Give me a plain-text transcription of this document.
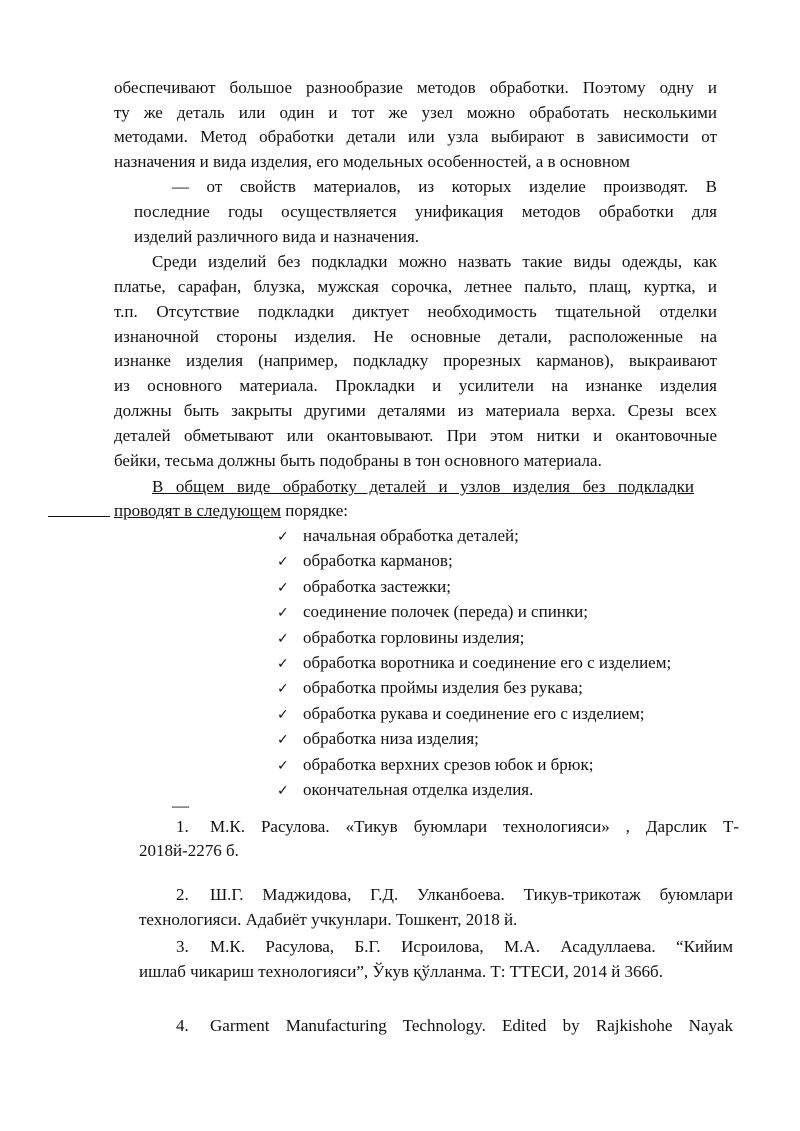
обеспечивают большое разнообразие методов обработки. Поэтому одну и
ту же деталь или один и тот же узел можно обработать несколькими
методами. Метод обработки детали или узла выбирают в зависимости от
назначения и вида изделия, его модельных особенностей, а в основном
— от свойств материалов, из которых изделие производят. В
последние годы осуществляется унификация методов обработки для
изделий различного вида и назначения.
Среди изделий без подкладки можно назвать такие виды одежды, как
платье, сарафан, блузка, мужская сорочка, летнее пальто, плащ, куртка, и
т.п. Отсутствие подкладки диктует необходимость тщательной отделки
изнаночной стороны изделия. Не основные детали, расположенные на
изнанке изделия (например, подкладку прорезных карманов), выкраивают
из основного материала. Прокладки и усилители на изнанке изделия
должны быть закрыты другими деталями из материала верха. Срезы всех
деталей обметывают или окантовывают. При этом нитки и окантовочные
бейки, тесьма должны быть подобраны в тон основного материала.
В общем виде обработку деталей и узлов изделия без подкладки
проводят в следующем порядке:
✓ начальная обработка деталей;
✓ обработка карманов;
✓ обработка застежки;
✓ соединение полочек (переда) и спинки;
✓ обработка горловины изделия;
✓ обработка воротника и соединение его с изделием;
✓ обработка проймы изделия без рукава;
✓ обработка рукава и соединение его с изделием;
✓ обработка низа изделия;
✓ обработка верхних срезов юбок и брюк;
✓ окончательная отделка изделия.
—
1. М.К. Расулова. «Тикув буюмлари технологияси» , Дарслик Т-
2018й-2276 б.
2. Ш.Г. Маджидова, Г.Д. Улканбоева. Тикув-трикотаж буюмлари
технологияси. Адабиёт учкунлари. Тошкент, 2018 й.
3. М.К. Расулова, Б.Г. Исроилова, М.А. Асадуллаева. “Кийим
ишлаб чикариш технологияси”, Ўкув қўлланма. Т: ТТЕСИ, 2014 й 366б.
4. Garment Manufacturing Technology. Edited by Rajkishohe Nayak
